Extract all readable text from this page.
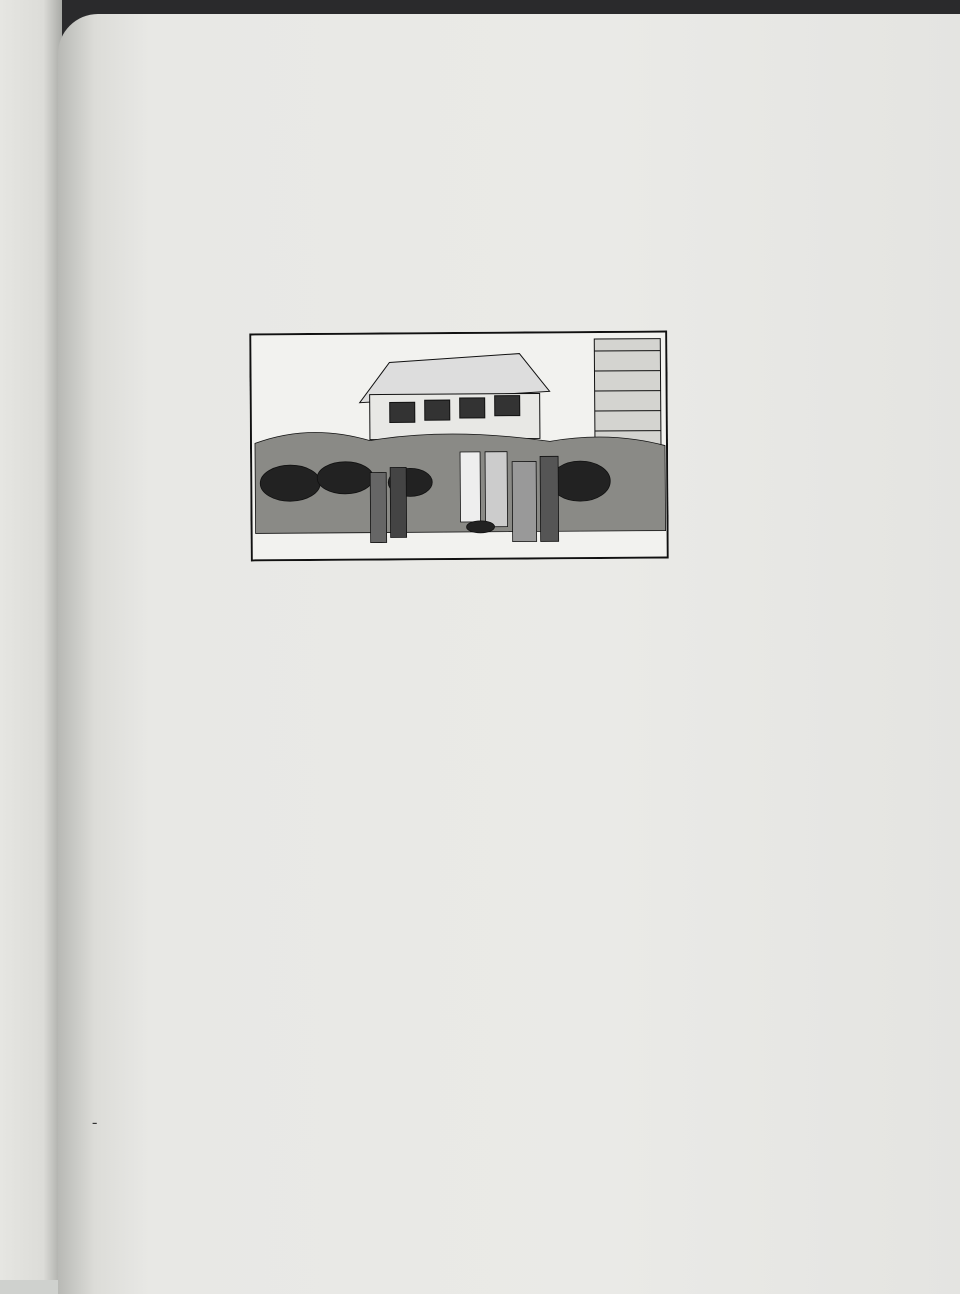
-
